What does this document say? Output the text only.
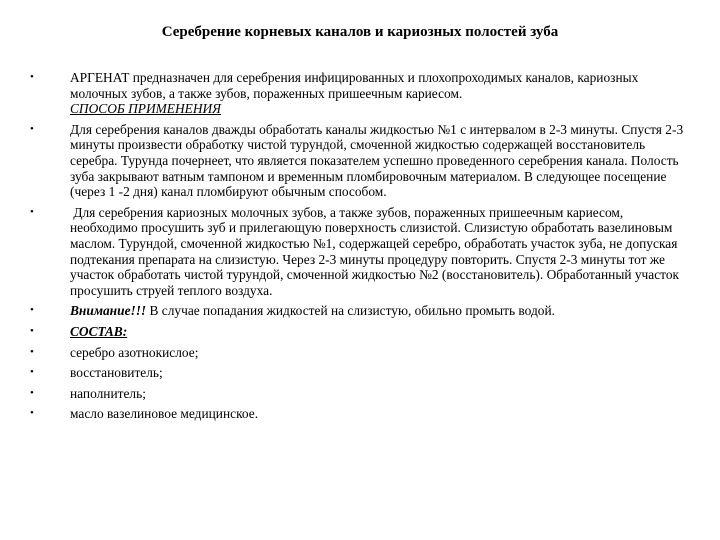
Серебрение корневых каналов и кариозных полостей зуба
•	АРГЕНАТ предназначен для серебрения инфицированных и плохопроходимых каналов, кариозных молочных зубов, а также зубов, пораженных пришеечным кариесом.
СПОСОБ ПРИМЕНЕНИЯ
•	Для серебрения каналов дважды обработать каналы жидкостью №1 с интервалом в 2-3 минуты. Спустя 2-3 минуты произвести обработку чистой турундой, смоченной жидкостью содержащей восстановитель серебра. Турунда почернеет, что является показателем успешно проведенного серебрения канала. Полость зуба закрывают ватным тампоном и временным пломбировочным материалом. В следующее посещение (через 1 -2 дня) канал пломбируют обычным способом.
•	Для серебрения кариозных молочных зубов, а также зубов, пораженных пришеечным кариесом, необходимо просушить зуб и прилегающую поверхность слизистой. Слизистую обработать вазелиновым маслом. Турундой, смоченной жидкостью №1, содержащей серебро, обработать участок зуба, не допуская подтекания препарата на слизистую. Через 2-3 минуты процедуру повторить. Спустя 2-3 минуты тот же участок обработать чистой турундой, смоченной жидкостью №2 (восстановитель). Обработанный участок просушить струей теплого воздуха.
•	Внимание!!! В случае попадания жидкостей на слизистую, обильно промыть водой.
•	СОСТАВ:
•	серебро азотнокислое;
•	восстановитель;
•	наполнитель;
•	масло вазелиновое медицинское.
